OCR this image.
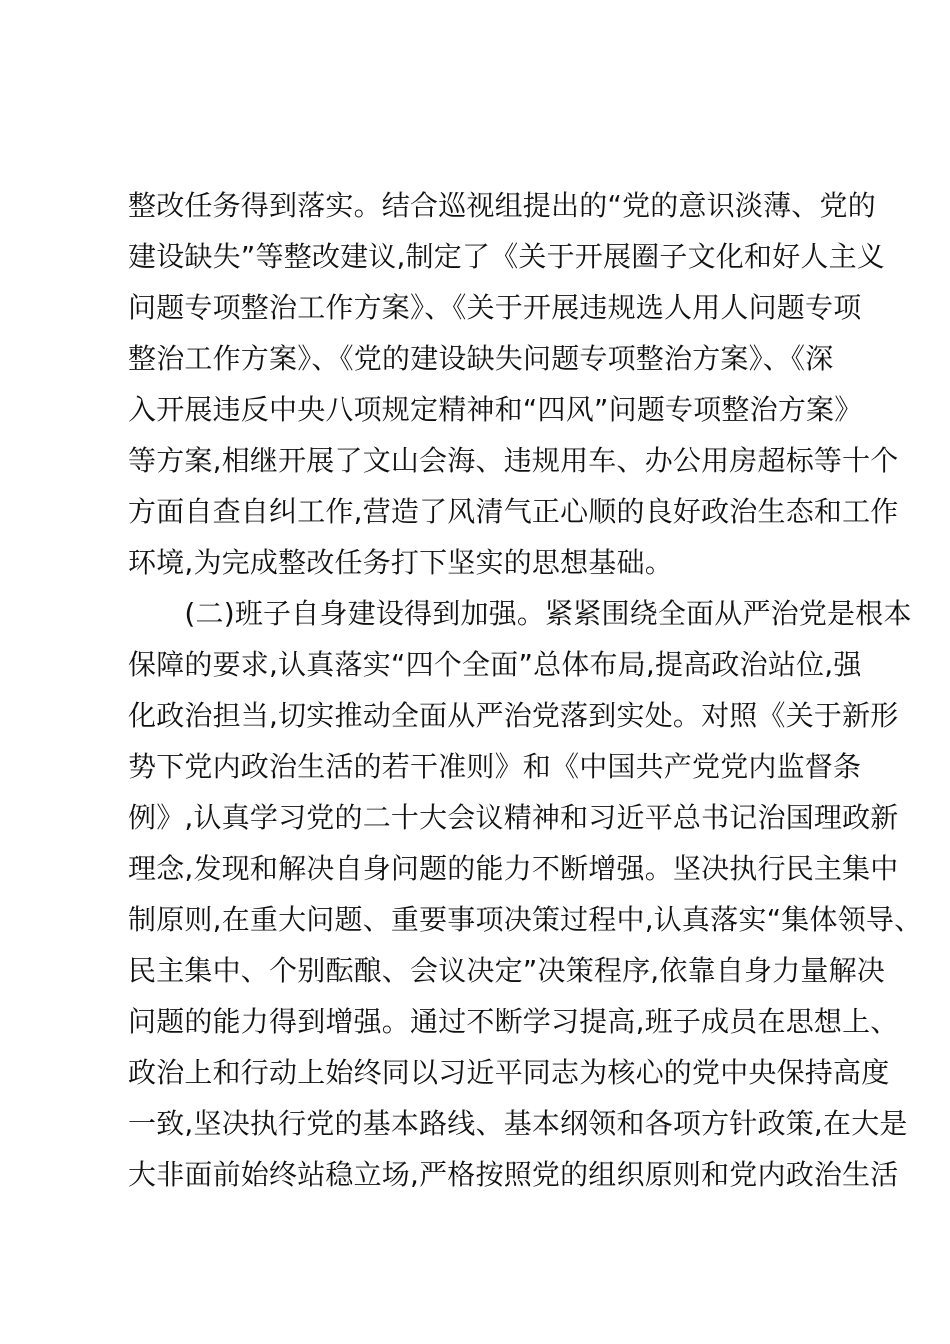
整改任务得到落实。结合巡视组提出的“党的意识淡薄、党的
建设缺失”等整改建议,制定了《关于开展圈子文化和好人主义
问题专项整治工作方案》、《关于开展违规选人用人问题专项
整治工作方案》、《党的建设缺失问题专项整治方案》、《深
入开展违反中央八项规定精神和“四风”问题专项整治方案》
等方案,相继开展了文山会海、违规用车、办公用房超标等十个
方面自查自纠工作,营造了风清气正心顺的良好政治生态和工作
环境,为完成整改任务打下坚实的思想基础。
　　(二)班子自身建设得到加强。紧紧围绕全面从严治党是根本
保障的要求,认真落实“四个全面”总体布局,提高政治站位,强
化政治担当,切实推动全面从严治党落到实处。对照《关于新形
势下党内政治生活的若干准则》和《中国共产党党内监督条
例》,认真学习党的二十大会议精神和习近平总书记治国理政新
理念,发现和解决自身问题的能力不断增强。坚决执行民主集中
制原则,在重大问题、重要事项决策过程中,认真落实“集体领导、
民主集中、个别酝酿、会议决定”决策程序,依靠自身力量解决
问题的能力得到增强。通过不断学习提高,班子成员在思想上、
政治上和行动上始终同以习近平同志为核心的党中央保持高度
一致,坚决执行党的基本路线、基本纲领和各项方针政策,在大是
大非面前始终站稳立场,严格按照党的组织原则和党内政治生活
